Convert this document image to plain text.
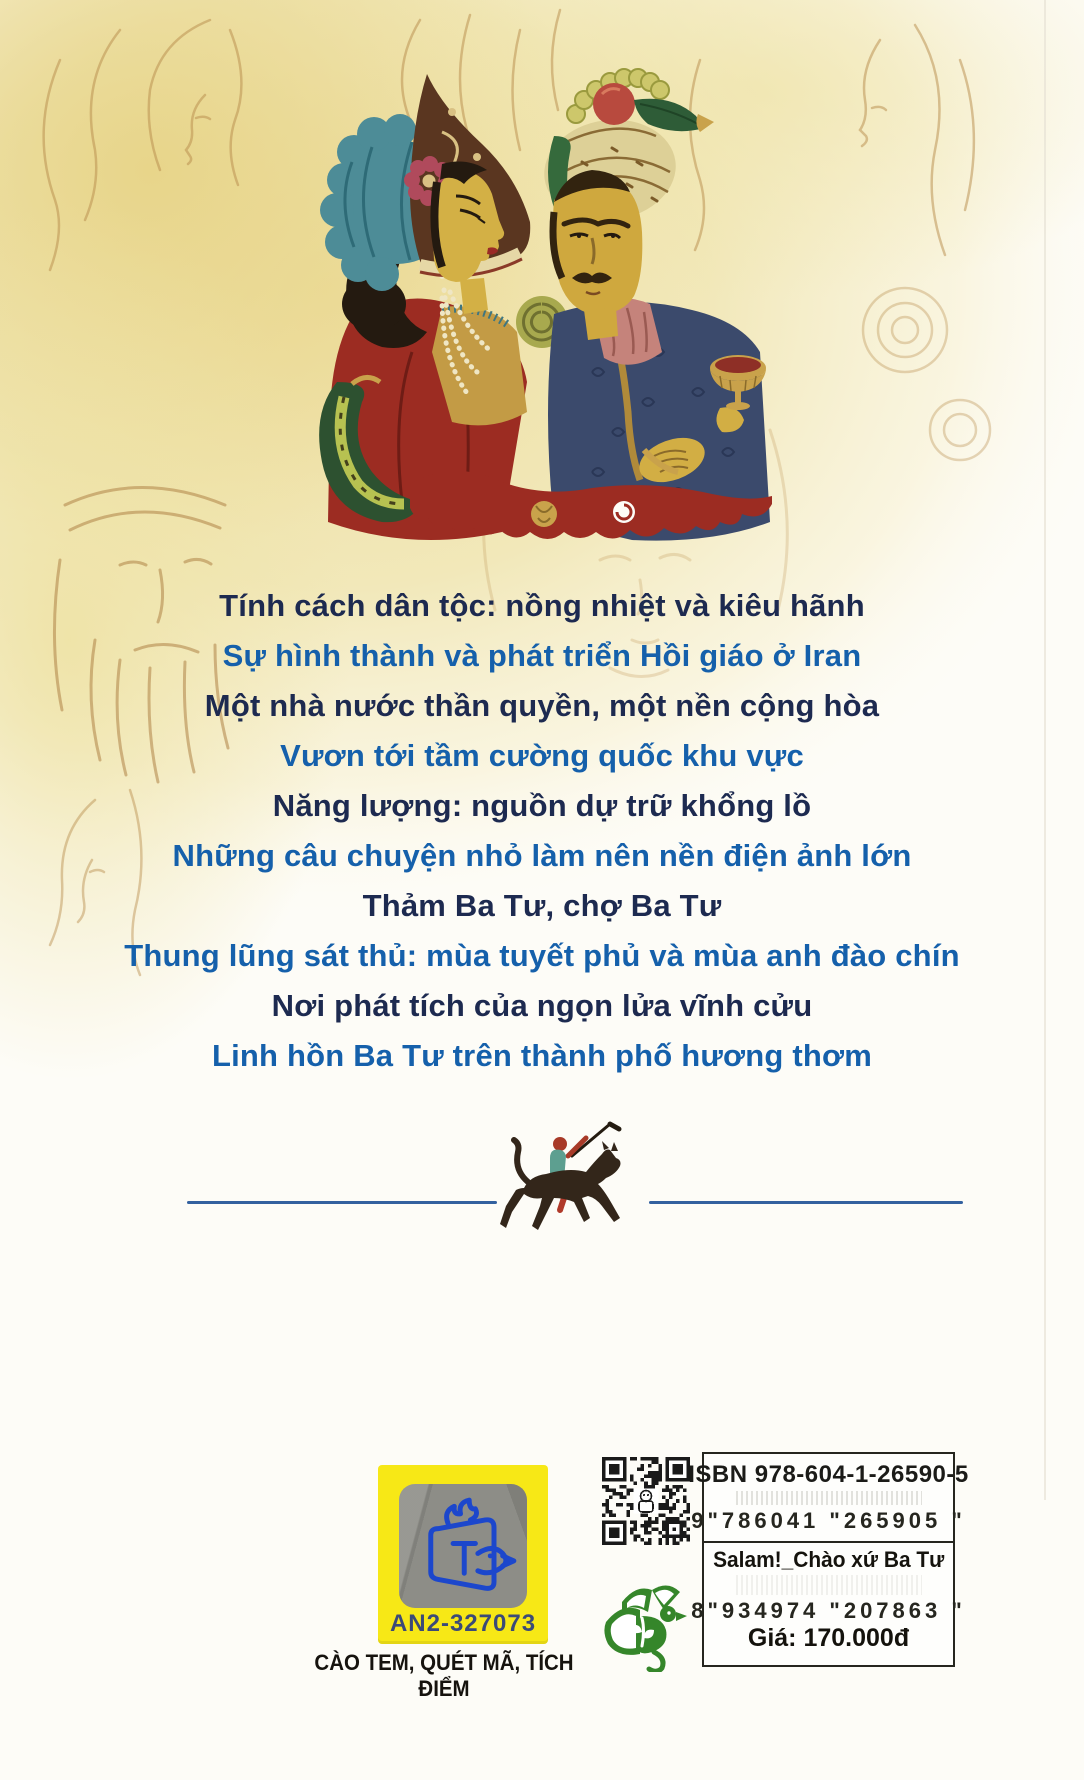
Tính cách dân tộc: nồng nhiệt và kiêu hãnh
Sự hình thành và phát triển Hồi giáo ở Iran
Một nhà nước thần quyền, một nền cộng hòa
Vươn tới tầm cường quốc khu vực
Năng lượng: nguồn dự trữ khổng lồ
Những câu chuyện nhỏ làm nên nền điện ảnh lớn
Thảm Ba Tư, chợ Ba Tư
Thung lũng sát thủ: mùa tuyết phủ và mùa anh đào chín
Nơi phát tích của ngọn lửa vĩnh cửu
Linh hồn Ba Tư trên thành phố hương thơm
AN2-327073
CÀO TEM, QUÉT MÃ, TÍCH ĐIỂM
ISBN 978-604-1-26590-5
9"786041 "265905 "
Salam!_Chào xứ Ba Tư
8"934974 "207863 "
Giá: 170.000đ
